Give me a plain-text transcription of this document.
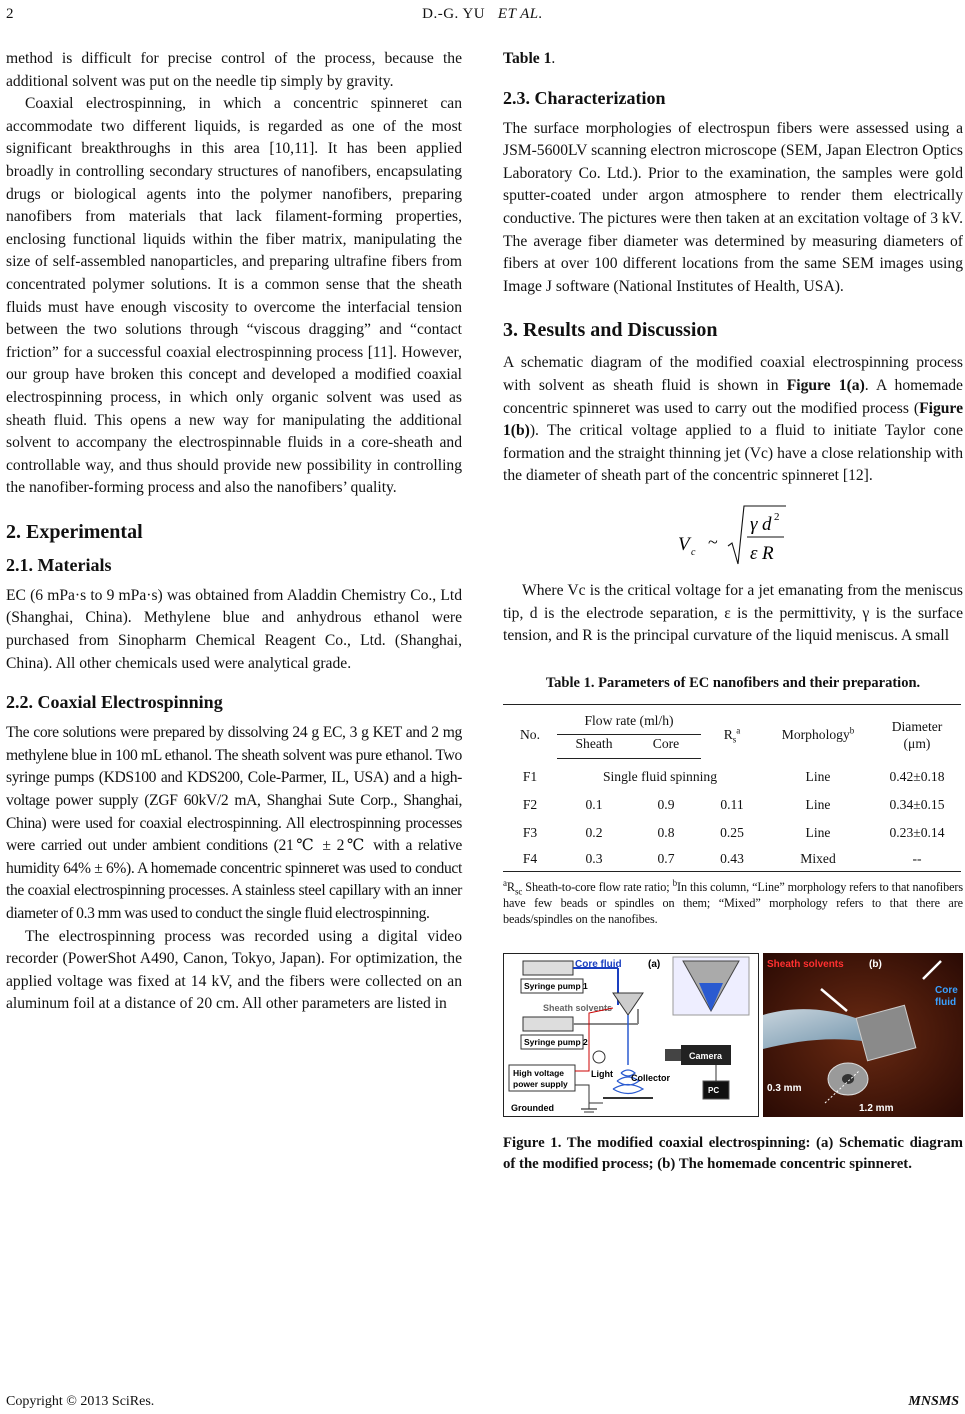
2	D.-G. YU ET AL.

method is difficult for precise control of the process, because the additional solvent was put on the needle tip simply by gravity.

Coaxial electrospinning, in which a concentric spinneret can accommodate two different liquids, is regarded as one of the most significant breakthroughs in this area [10,11]. It has been applied broadly in controlling secondary structures of nanofibers, encapsulating drugs or biological agents into the polymer nanofibers, preparing nanofibers from materials that lack filament-forming properties, enclosing functional liquids within the fiber matrix, manipulating the size of self-assembled nanoparticles, and preparing ultrafine fibers from concentrated polymer solutions. It is a common sense that the sheath fluids must have enough viscosity to overcome the interfacial tension between the two solutions through “viscous dragging” and “contact friction” for a successful coaxial electrospinning process [11]. However, our group have broken this concept and developed a modified coaxial electrospinning process, in which only organic solvent was used as sheath fluid. This opens a new way for manipulating the additional solvent to accompany the electrospinnable fluids in a core-sheath and controllable way, and thus should provide new possibility in controlling the nanofiber-forming process and also the nanofibers’ quality.

2. Experimental
2.1. Materials

EC (6 mPa·s to 9 mPa·s) was obtained from Aladdin Chemistry Co., Ltd (Shanghai, China). Methylene blue and anhydrous ethanol were purchased from Sinopharm Chemical Reagent Co., Ltd. (Shanghai, China). All other chemicals used were analytical grade.

2.2. Coaxial Electrospinning

The core solutions were prepared by dissolving 24 g EC, 3 g KET and 2 mg methylene blue in 100 mL ethanol. The sheath solvent was pure ethanol. Two syringe pumps (KDS100 and KDS200, Cole-Parmer, IL, USA) and a high-voltage power supply (ZGF 60kV/2 mA, Shanghai Sute Corp., Shanghai, China) were used for coaxial electrospinning. All electrospinning processes were carried out under ambient conditions (21℃ ± 2℃ with a relative humidity 64% ± 6%). A homemade concentric spinneret was used to conduct the coaxial electrospinning processes. A stainless steel capillary with an inner diameter of 0.3 mm was used to conduct the single fluid electrospinning.

The electrospinning process was recorded using a digital video recorder (PowerShot A490, Canon, Tokyo, Japan). For optimization, the applied voltage was fixed at 14 kV, and the fibers were collected on an aluminum foil at a distance of 20 cm. All other parameters are listed in

Table 1.

2.3. Characterization

The surface morphologies of electrospun fibers were assessed using a JSM-5600LV scanning electron microscope (SEM, Japan Electron Optics Laboratory Co. Ltd.). Prior to the examination, the samples were gold sputter-coated under argon atmosphere to render them electrically conductive. The pictures were then taken at an excitation voltage of 3 kV. The average fiber diameter was determined by measuring diameters of fibers at over 100 different locations from the same SEM images using Image J software (National Institutes of Health, USA).

3. Results and Discussion

A schematic diagram of the modified coaxial electrospinning process with solvent as sheath fluid is shown in Figure 1(a). A homemade concentric spinneret was used to carry out the modified process (Figure 1(b)). The critical voltage applied to a fluid to initiate Taylor cone formation and the straight thinning jet (Vc) have a close relationship with the diameter of sheath part of the concentric spinneret [12].

V c
~
γ d 2
ε R

Where Vc is the critical voltage for a jet emanating from the meniscus tip, d is the electrode separation, ε is the permittivity, γ is the surface tension, and R is the principal curvature of the liquid meniscus. A small

Table 1. Parameters of EC nanofibers and their preparation.
No.	Flow rate (ml/h)		$R_s^a$	Morphology$^b$	Diameter
(μm)
	Sheath	Core			
F1	Single fluid spinning			Line	0.42±0.18
F2	0.1	0.9	0.11	Line	0.34±0.15
F3	0.2	0.8	0.25	Line	0.23±0.14
F4	0.3	0.7	0.43	Mixed	--
$^aR_{sc}$ Sheath-to-core flow rate ratio; $^b$In this column, “Line” morphology refers to that nanofibers have few beads or spindles on them; “Mixed” morphology refers to that there are beads/spindles on the nanofibes.
(a)
Core fluid
Syringe pump 1
Sheath solvents
Syringe pump 2
Collector
Camera
PC
Light
High voltage
power supply
Grounded
Sheath solvents	(b)
Core
fluid
0.3 mm
1.2 mm
Figure 1. The modified coaxial electrospinning: (a) Schematic diagram of the modified process; (b) The homemade concentric spinneret.
Copyright © 2013 SciRes.	MNSMS
